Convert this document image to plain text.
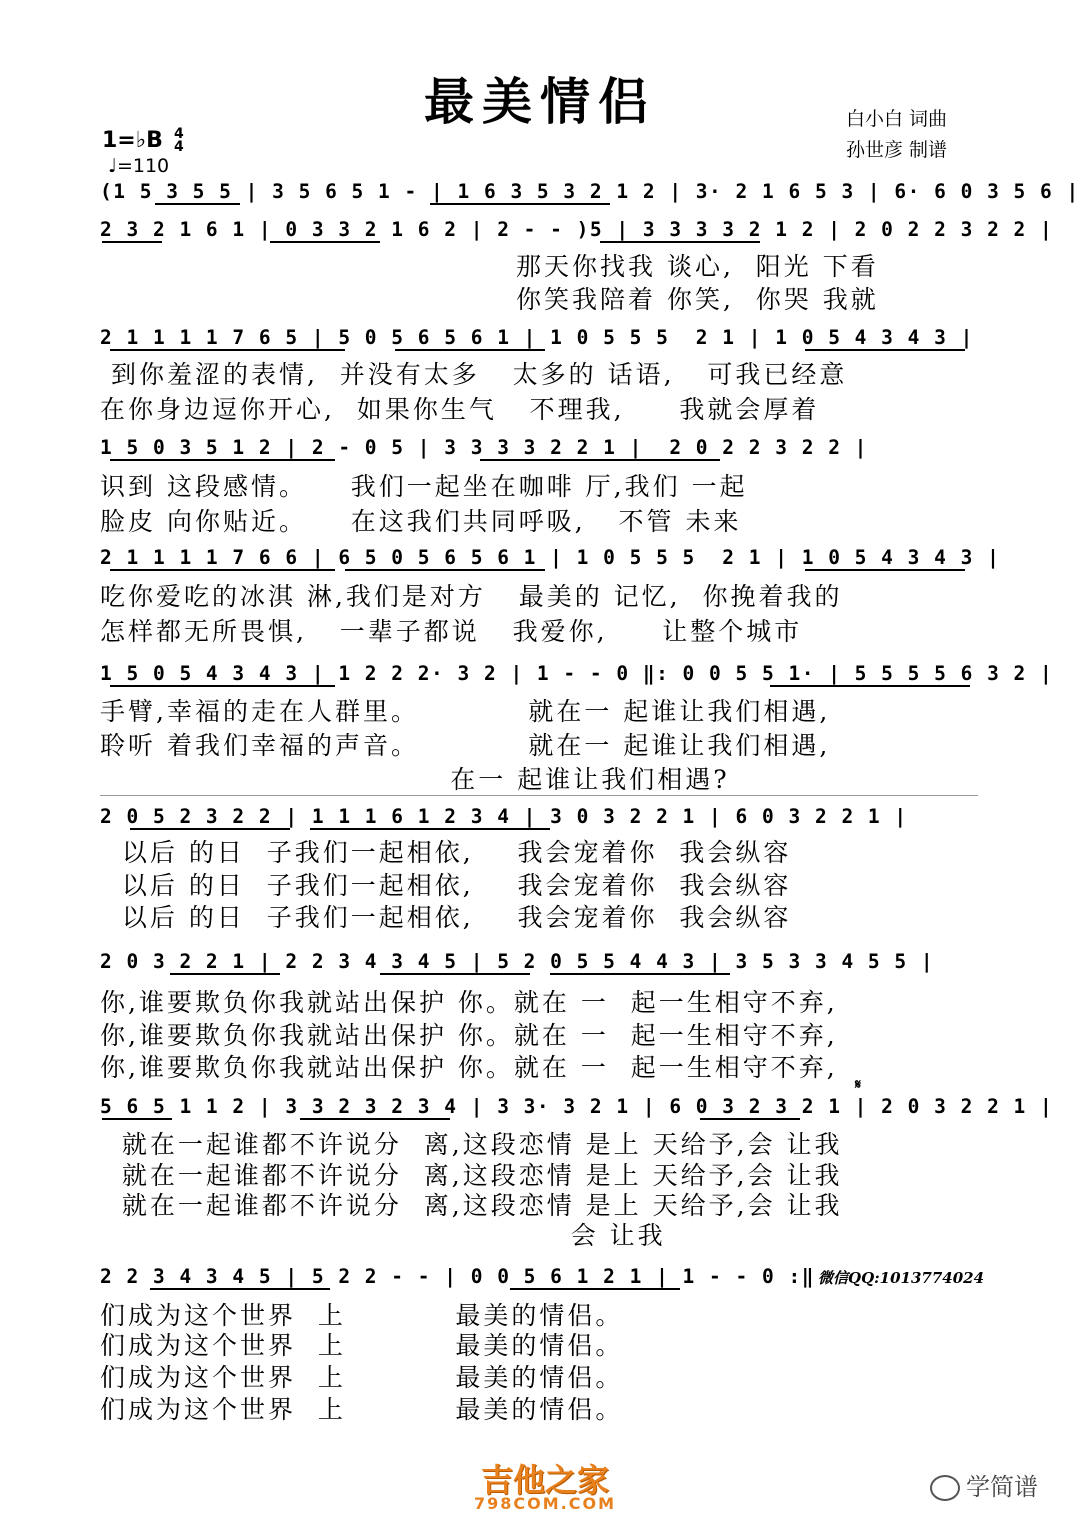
最美情侣	白小白 词曲
孙世彦 制谱
1=♭B 4
4
♩=110
(1 5 3 5 5 | 3 5 6 5 1 - | 1 6 3 5 3 2 1 2 | 3· 2 1 6 5 3 | 6· 6 0 3 5 6 |
2 3 2 1 6 1 | 0 3 3 2 1 6 2 | 2 - - )5 | 3 3 3 3 2 1 2 | 2 0 2 2 3 2 2 |
那天你找我 谈心,  阳光 下看
你笑我陪着 你笑,  你哭 我就
2 1 1 1 1 7 6 5 | 5 0 5 6 5 6 1 | 1 0 5 5 5  2 1 | 1 0 5 4 3 4 3 |
到你羞涩的表情,  并没有太多   太多的 话语,   可我已经意
在你身边逗你开心,  如果你生气   不理我,     我就会厚着
1 5 0 3 5 1 2 | 2 - 0 5 | 3 3 3 3 2 2 1 |  2 0 2 2 3 2 2 |
识到 这段感情。    我们一起坐在咖啡 厅,我们 一起
脸皮 向你贴近。    在这我们共同呼吸,   不管 未来
2 1 1 1 1 7 6 6 | 6 5 0 5 6 5 6 1 | 1 0 5 5 5  2 1 | 1 0 5 4 3 4 3 |
吃你爱吃的冰淇 淋,我们是对方   最美的 记忆,  你挽着我的
怎样都无所畏惧,   一辈子都说   我爱你,     让整个城市
1 5 0 5 4 3 4 3 | 1 2 2 2· 3 2 | 1 - - 0 ‖: 0 0 5 5 1· | 5 5 5 5 6 3 2 |
手臂,幸福的走在人群里。          就在一 起谁让我们相遇,
聆听 着我们幸福的声音。          就在一 起谁让我们相遇,
在一 起谁让我们相遇?
2 0 5 2 3 2 2 | 1 1 1 6 1 2 3 4 | 3 0 3 2 2 1 | 6 0 3 2 2 1 |
以后 的日  子我们一起相依,    我会宠着你  我会纵容
以后 的日  子我们一起相依,    我会宠着你  我会纵容
以后 的日  子我们一起相依,    我会宠着你  我会纵容
2 0 3 2 2 1 | 2 2 3 4 3 4 5 | 5 2 0 5 5 4 4 3 | 3 5 3 3 4 5 5 |
你,谁要欺负你我就站出保护 你。就在 一  起一生相守不弃,
你,谁要欺负你我就站出保护 你。就在 一  起一生相守不弃,
你,谁要欺负你我就站出保护 你。就在 一  起一生相守不弃,
5 6 5 1 1 2 | 3 3 2 3 2 3 4 | 3 3· 3 2 1 | 6 0 3 2 3 2 1 | 2 0 3 2 2 1 |
𝄋
就在一起谁都不许说分  离,这段恋情 是上 天给予,会 让我
就在一起谁都不许说分  离,这段恋情 是上 天给予,会 让我
就在一起谁都不许说分  离,这段恋情 是上 天给予,会 让我
会 让我
2 2 3 4 3 4 5 | 5 2 2 - - | 0 0 5 6 1 2 1 | 1 - - 0 :‖ 微信QQ:1013774024
们成为这个世界  上          最美的情侣。
们成为这个世界  上          最美的情侣。
们成为这个世界  上          最美的情侣。
们成为这个世界  上          最美的情侣。
吉他之家
798COM.COM
学简谱
